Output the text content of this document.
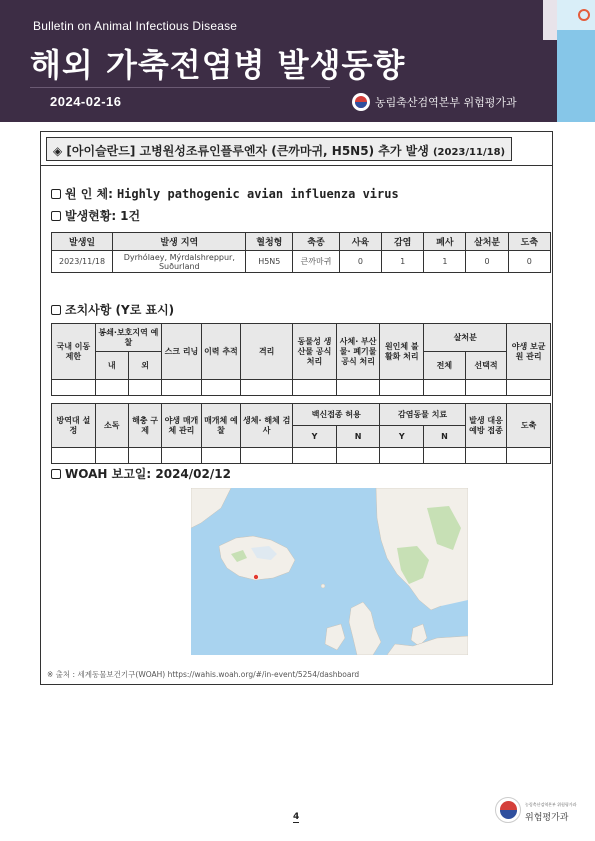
Bulletin on Animal Infectious Disease
해외 가축전염병 발생동향
2024-02-16	농림축산검역본부 위험평가과
◈ [아이슬란드] 고병원성조류인플루엔자 (큰까마귀, H5N5) 추가 발생 (2023/11/18)
원 인 체: Highly pathogenic avian influenza virus
발생현황: 1건
발생일	발생 지역	혈청형	축종	사육	감염	폐사	살처분	도축
2023/11/18	Dyrhólaey, Mýrdalshreppur, Suðurland	H5N5	큰까마귀	0	1	1	0	0
조치사항 (Y로 표시)
국내 이동 제한	봉쇄·보호지역 예찰		스크 리닝	이력 추적	격리	동물성 생산물 공식 처리	사체· 부산물· 폐기물 공식 처리	원인체 불활화 처리	살처분		야생 보균원 관리
	내	외							전체	선택적	

방역대 설정	소독	해충 구제	야생 매개체 관리	매개체 예찰	생체· 해체 검사	백신접종 허용		감염동물 치료		발생 대응 예방 접종	도축
						Y	N	Y	N		

WOAH 보고일: 2024/02/12
※ 출처 : 세계동물보건기구(WOAH) https://wahis.woah.org/#/in-event/5254/dashboard
4
농림축산검역본부 위험평가과
위험평가과
